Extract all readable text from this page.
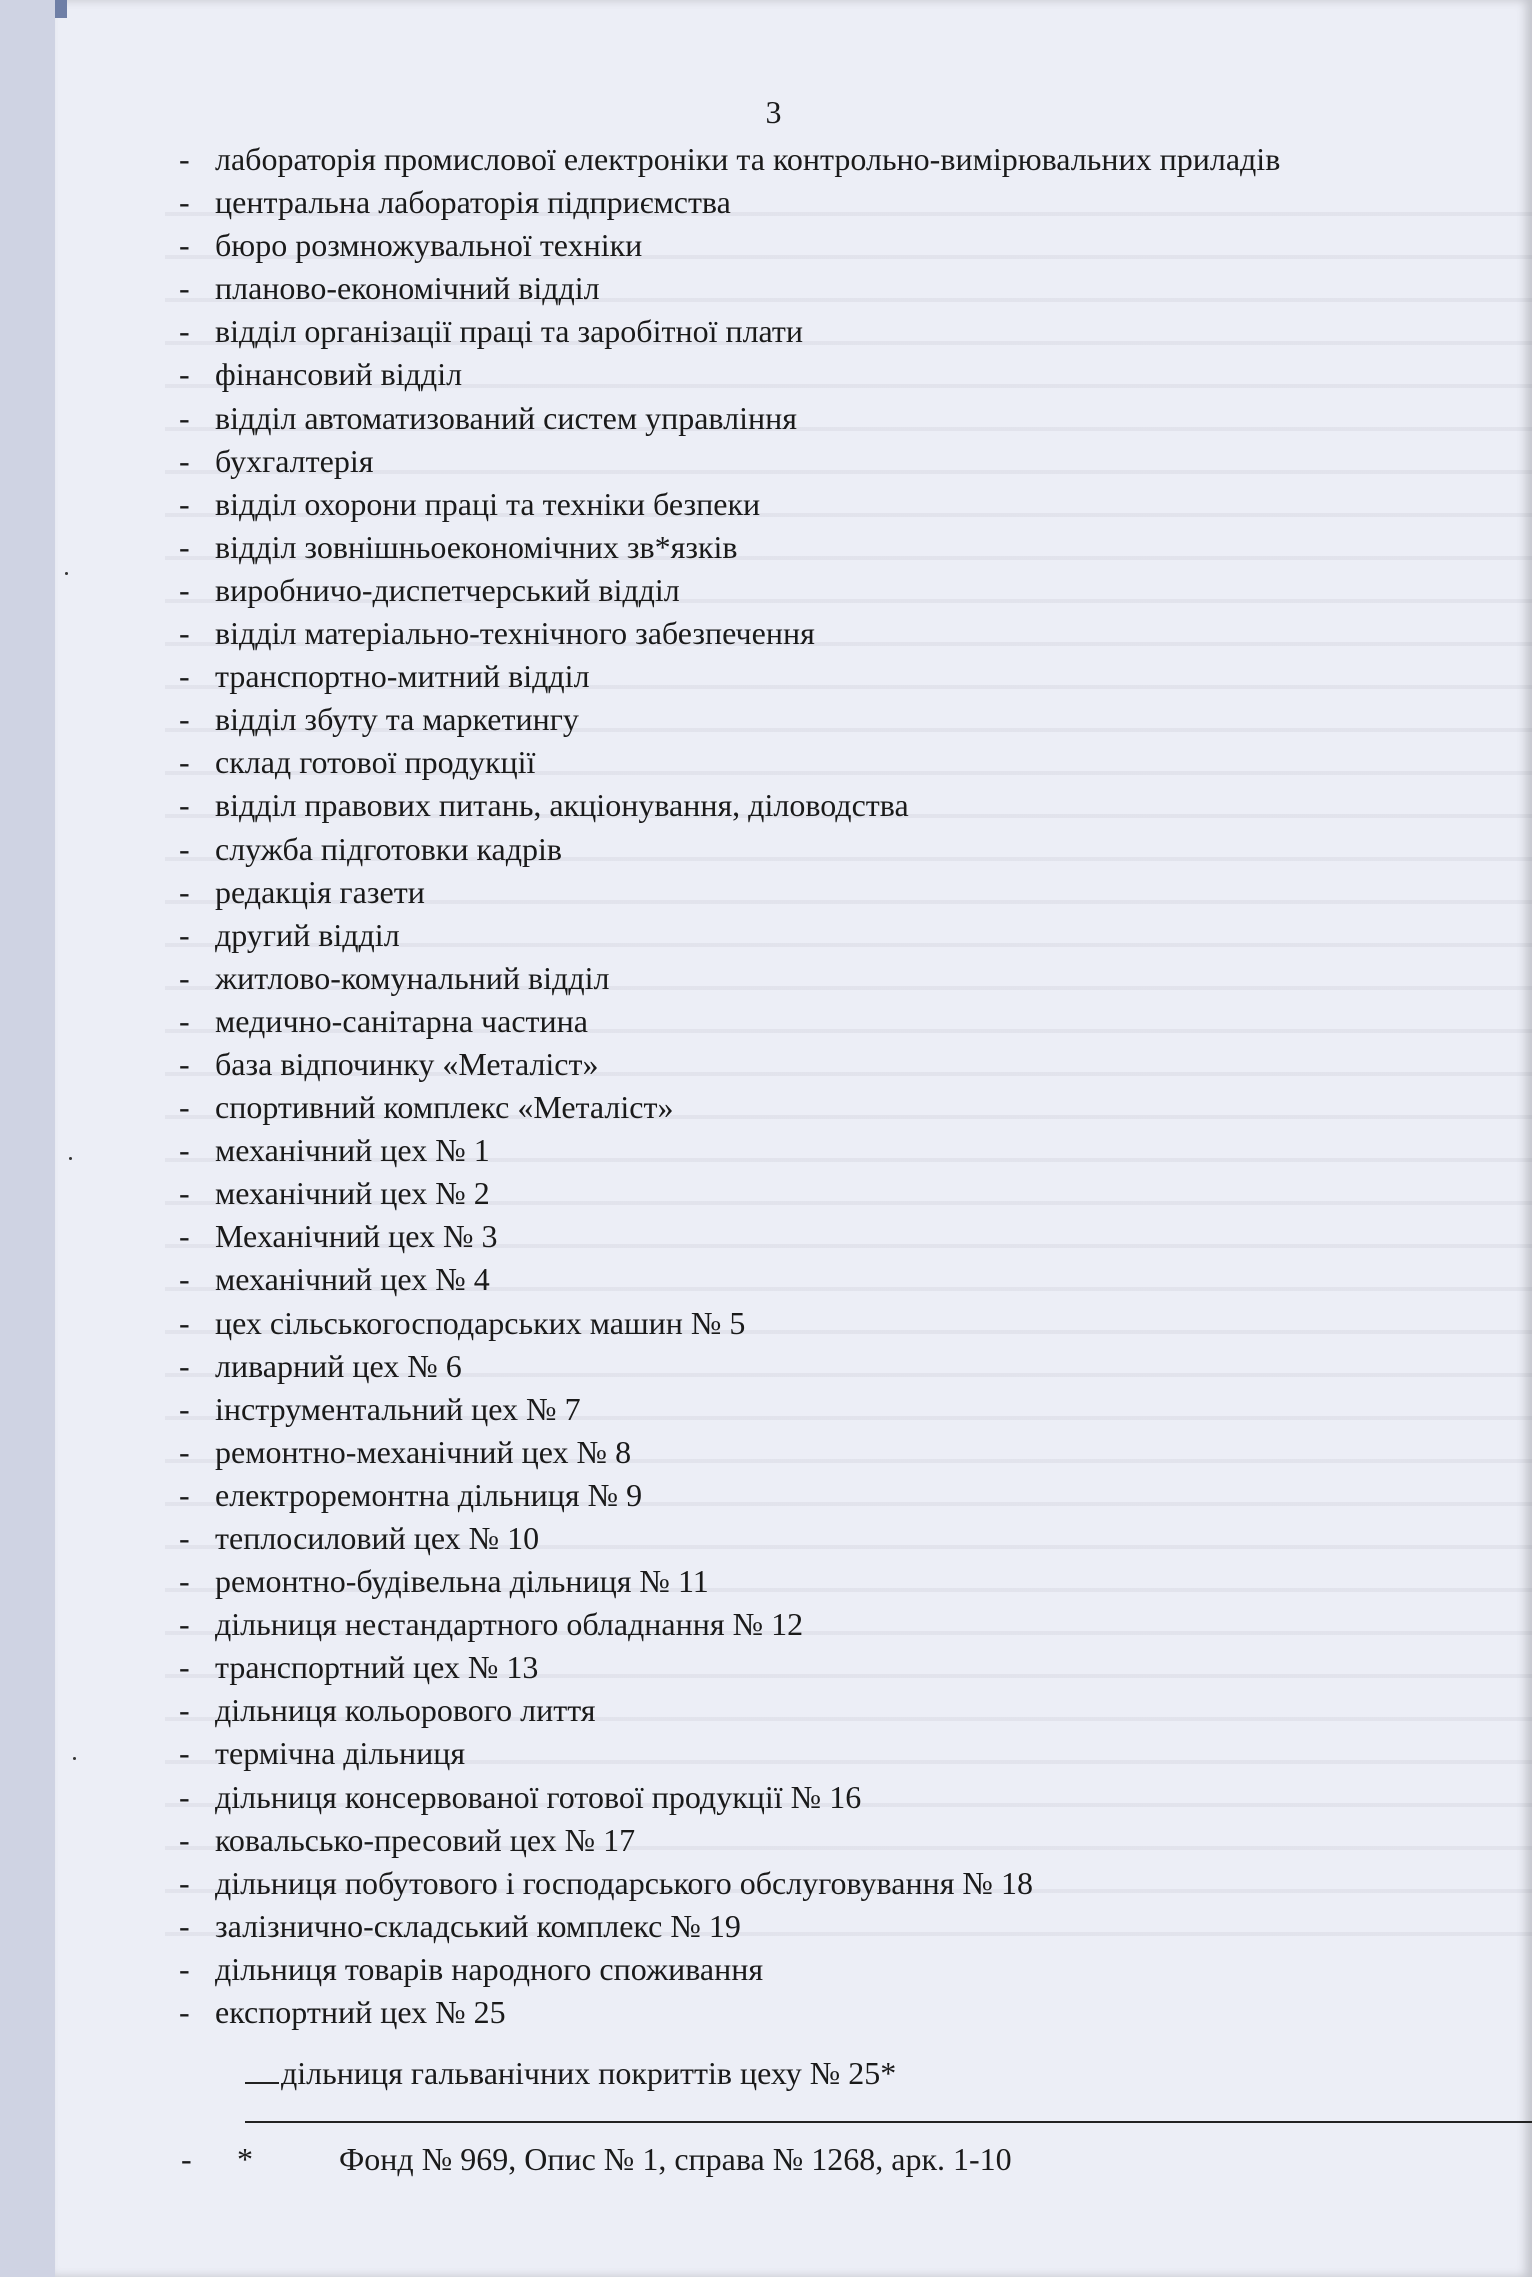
3
- лабораторія промислової електроніки та контрольно-вимірювальних приладів
- центральна лабораторія підприємства
- бюро розмножувальної техніки
- планово-економічний відділ
- відділ організації праці та заробітної плати
- фінансовий відділ
- відділ автоматизований систем управління
- бухгалтерія
- відділ охорони праці та техніки безпеки
- відділ зовнішньоекономічних зв*язків
- виробничо-диспетчерський відділ
- відділ матеріально-технічного забезпечення
- транспортно-митний відділ
- відділ збуту та маркетингу
- склад готової продукції
- відділ правових питань, акціонування, діловодства
- служба підготовки кадрів
- редакція газети
- другий відділ
- житлово-комунальний відділ
- медично-санітарна частина
- база відпочинку «Металіст»
- спортивний комплекс «Металіст»
- механічний цех № 1
- механічний цех № 2
- Механічний цех № 3
- механічний цех № 4
- цех сільськогосподарських машин № 5
- ливарний цех № 6
- інструментальний цех № 7
- ремонтно-механічний цех № 8
- електроремонтна дільниця № 9
- теплосиловий цех № 10
- ремонтно-будівельна дільниця № 11
- дільниця нестандартного обладнання № 12
- транспортний цех № 13
- дільниця кольорового лиття
- термічна дільниця
- дільниця консервованої готової продукції № 16
- ковальсько-пресовий цех № 17
- дільниця побутового і господарського обслуговування № 18
- залізнично-складський комплекс № 19
- дільниця товарів народного споживання
- експортний цех № 25
дільниця гальванічних покриттів цеху № 25*
-	*	Фонд № 969, Опис № 1, справа № 1268, арк. 1-10
